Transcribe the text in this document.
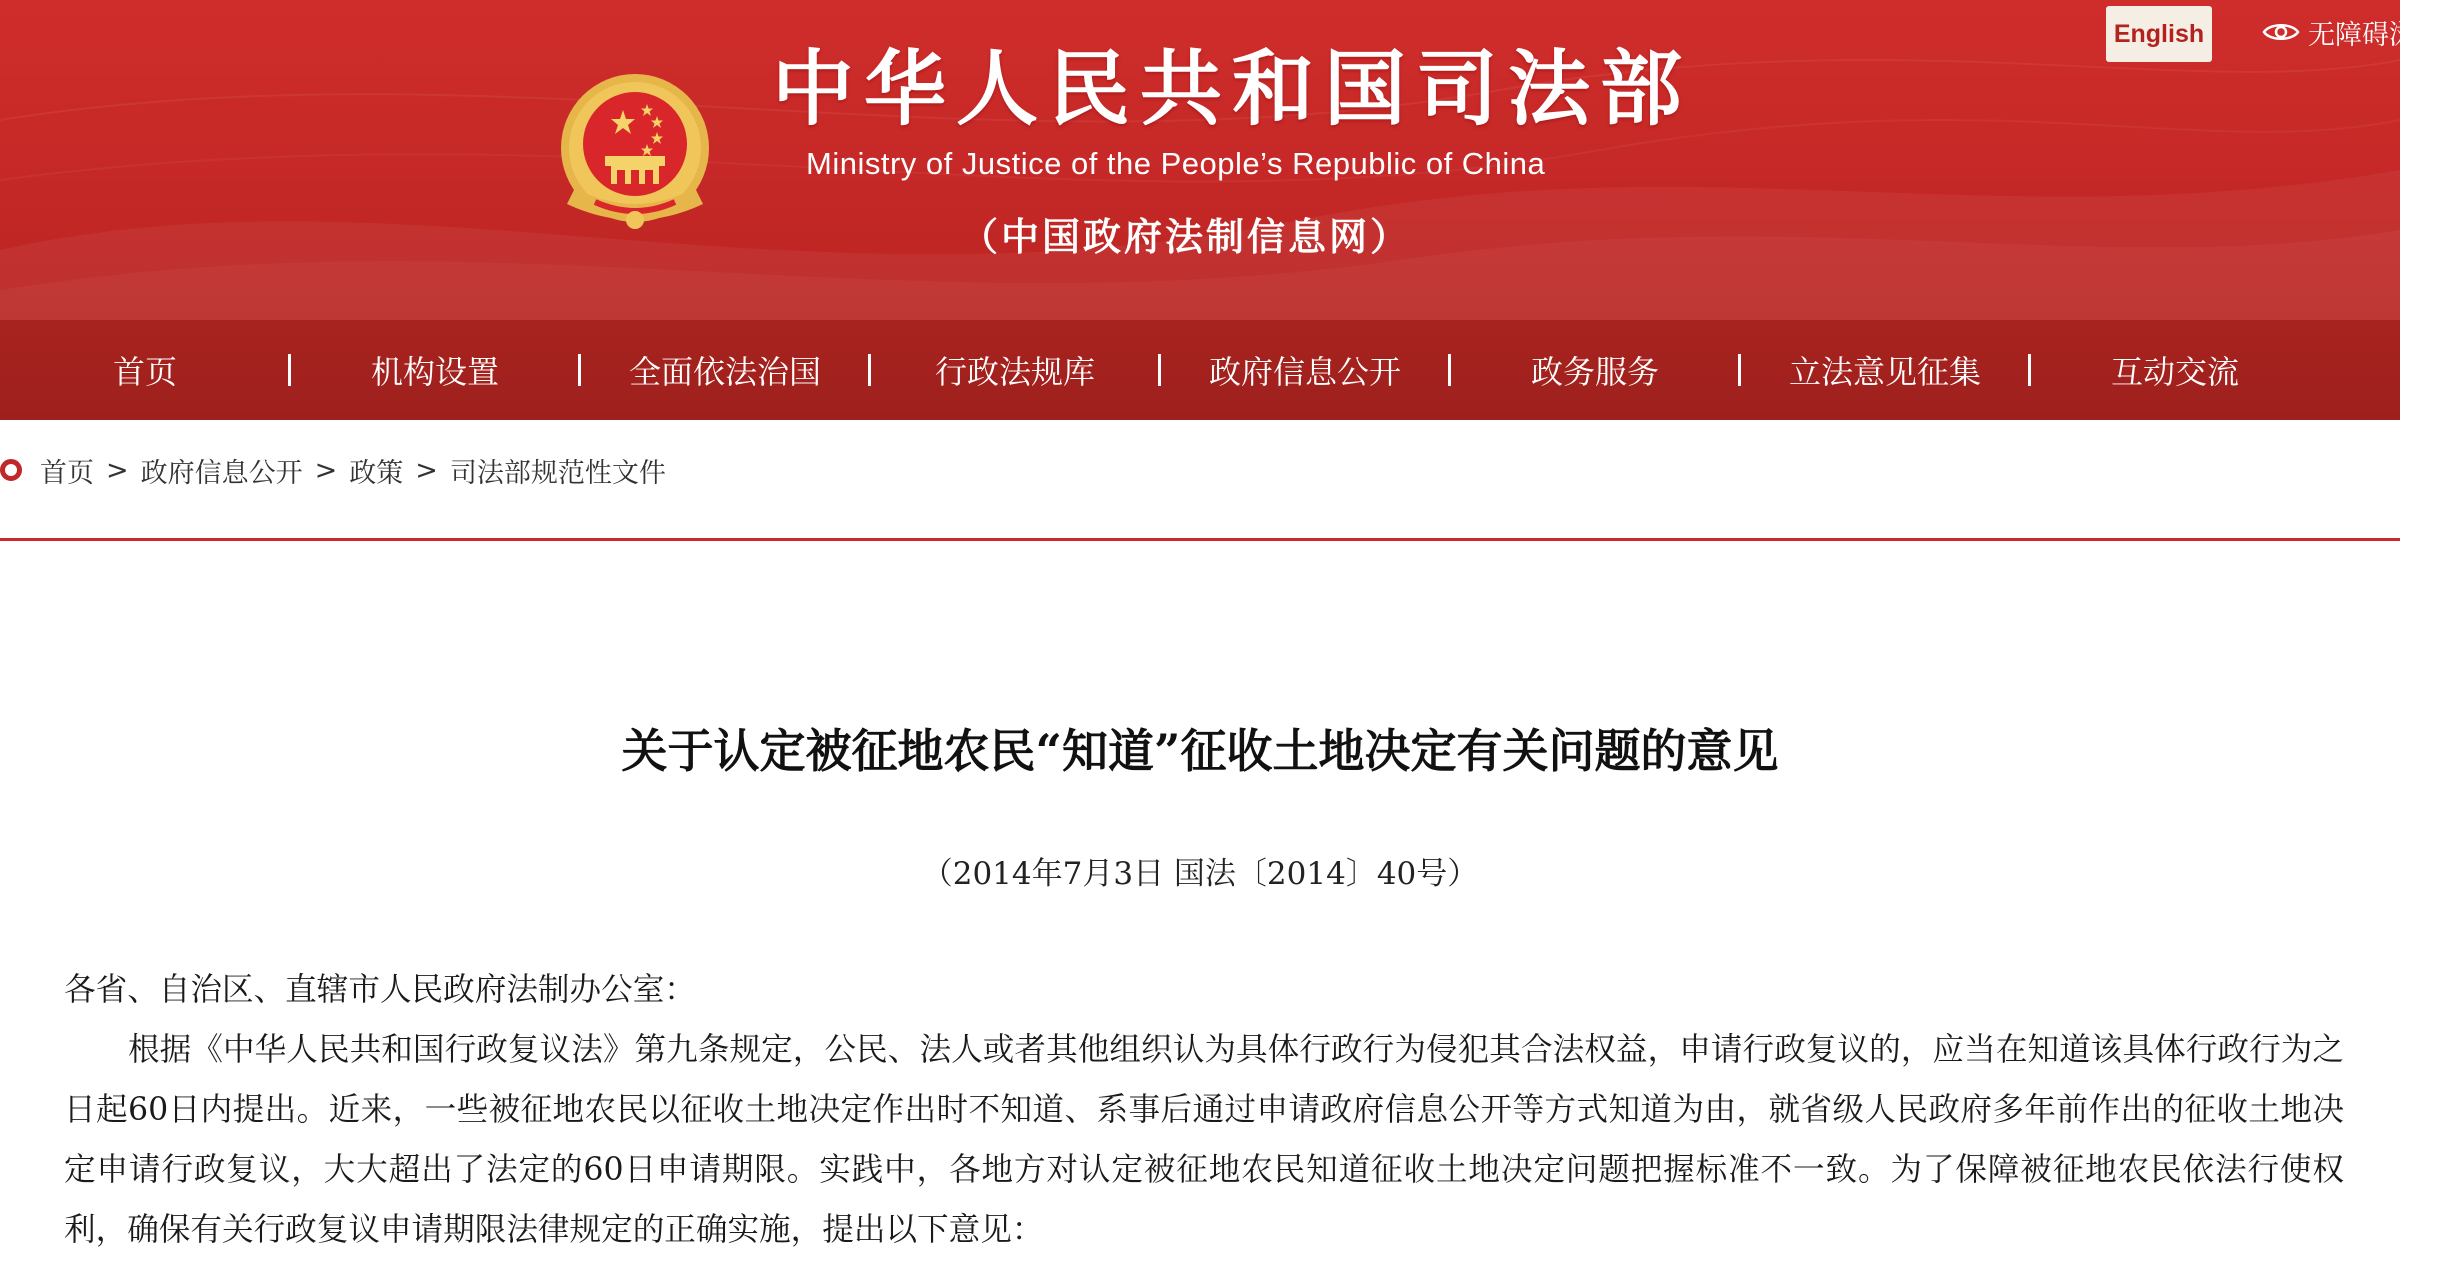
中华人民共和国司法部
Ministry of Justice of the People’s Republic of China
（中国政府法制信息网）
English	无障碍浏览
首页	机构设置	全面依法治国	行政法规库	政府信息公开	政务服务	立法意见征集	互动交流
首页 > 政府信息公开 > 政策 > 司法部规范性文件
关于认定被征地农民“知道”征收土地决定有关问题的意见
（2014年7月3日 国法〔2014〕40号）
各省、自治区、直辖市人民政府法制办公室：

根据《中华人民共和国行政复议法》第九条规定，公民、法人或者其他组织认为具体行政行为侵犯其合法权益，申请行政复议的，应当在知道该具体行政行为之日起60日内提出。近来，一些被征地农民以征收土地决定作出时不知道、系事后通过申请政府信息公开等方式知道为由，就省级人民政府多年前作出的征收土地决定申请行政复议，大大超出了法定的60日申请期限。实践中，各地方对认定被征地农民知道征收土地决定问题把握标准不一致。为了保障被征地农民依法行使权利，确保有关行政复议申请期限法律规定的正确实施，提出以下意见：
